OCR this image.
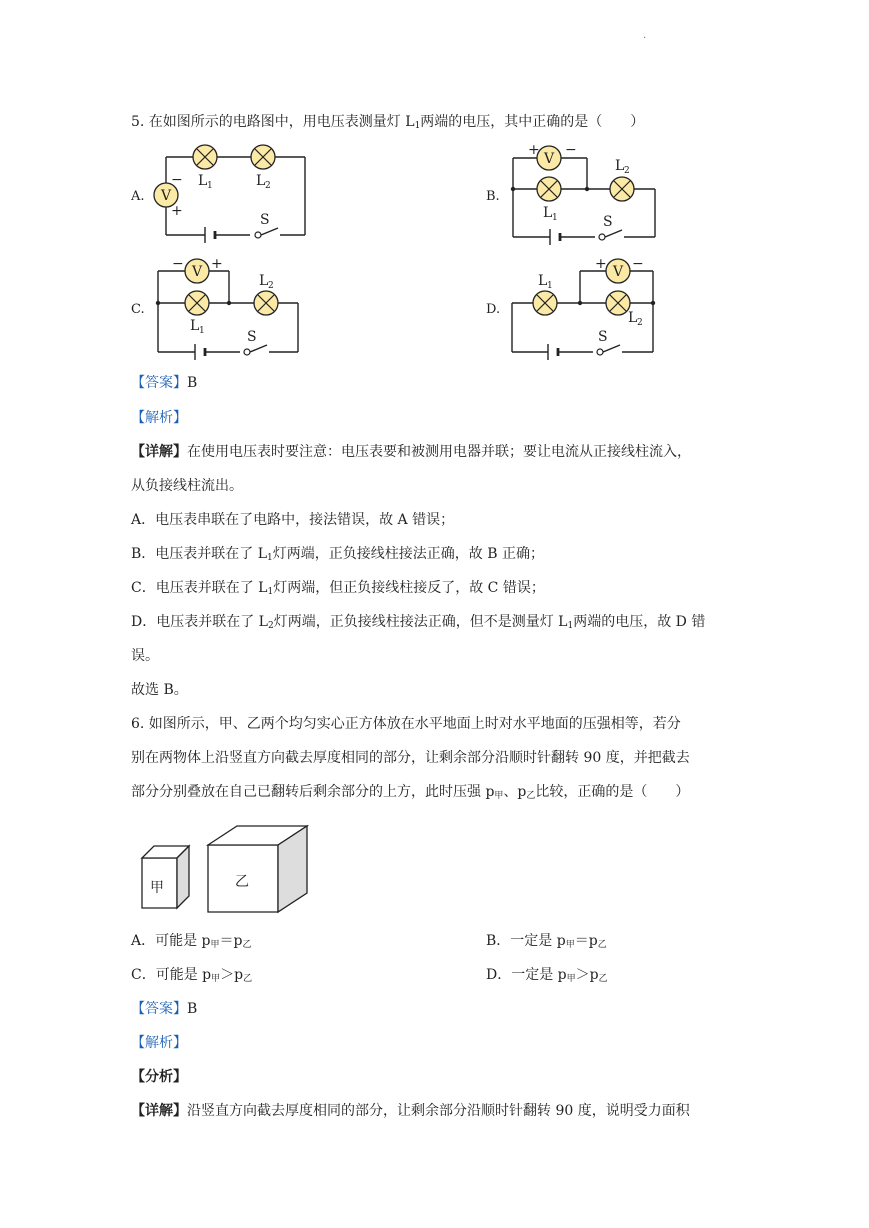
.
5. 在如图所示的电路图中，用电压表测量灯 $L_1$两端的电压，其中正确的是（　　）
A.	B.
C.	D.
V
−
+
L 1	L 2
S
V
+ −
L 2
L 1	S
V
− +
L 2
L 1	S
V
L 1
+ −
L 2
S
【答案】B
【解析】
【详解】在使用电压表时要注意：电压表要和被测用电器并联；要让电流从正接线柱流入，
从负接线柱流出。
A．电压表串联在了电路中，接法错误，故 A 错误；
B．电压表并联在了 $L_1$灯两端，正负接线柱接法正确，故 B 正确；
C．电压表并联在了 $L_1$灯两端，但正负接线柱接反了，故 C 错误；
D．电压表并联在了 $L_2$灯两端，正负接线柱接法正确，但不是测量灯 $L_1$两端的电压，故 D 错
误。
故选 B。
6. 如图所示，甲、乙两个均匀实心正方体放在水平地面上时对水平地面的压强相等，若分
别在两物体上沿竖直方向截去厚度相同的部分，让剩余部分沿顺时针翻转 90 度，并把截去
部分分别叠放在自己已翻转后剩余部分的上方，此时压强 $p_甲$、$p_乙$比较，正确的是（　　）
甲	乙
A．可能是 $p_甲=p_乙$	B．一定是 $p_甲=p_乙$
C．可能是 $p_甲>p_乙$	D．一定是 $p_甲>p_乙$
【答案】B
【解析】
【分析】
【详解】沿竖直方向截去厚度相同的部分，让剩余部分沿顺时针翻转 90 度，说明受力面积
